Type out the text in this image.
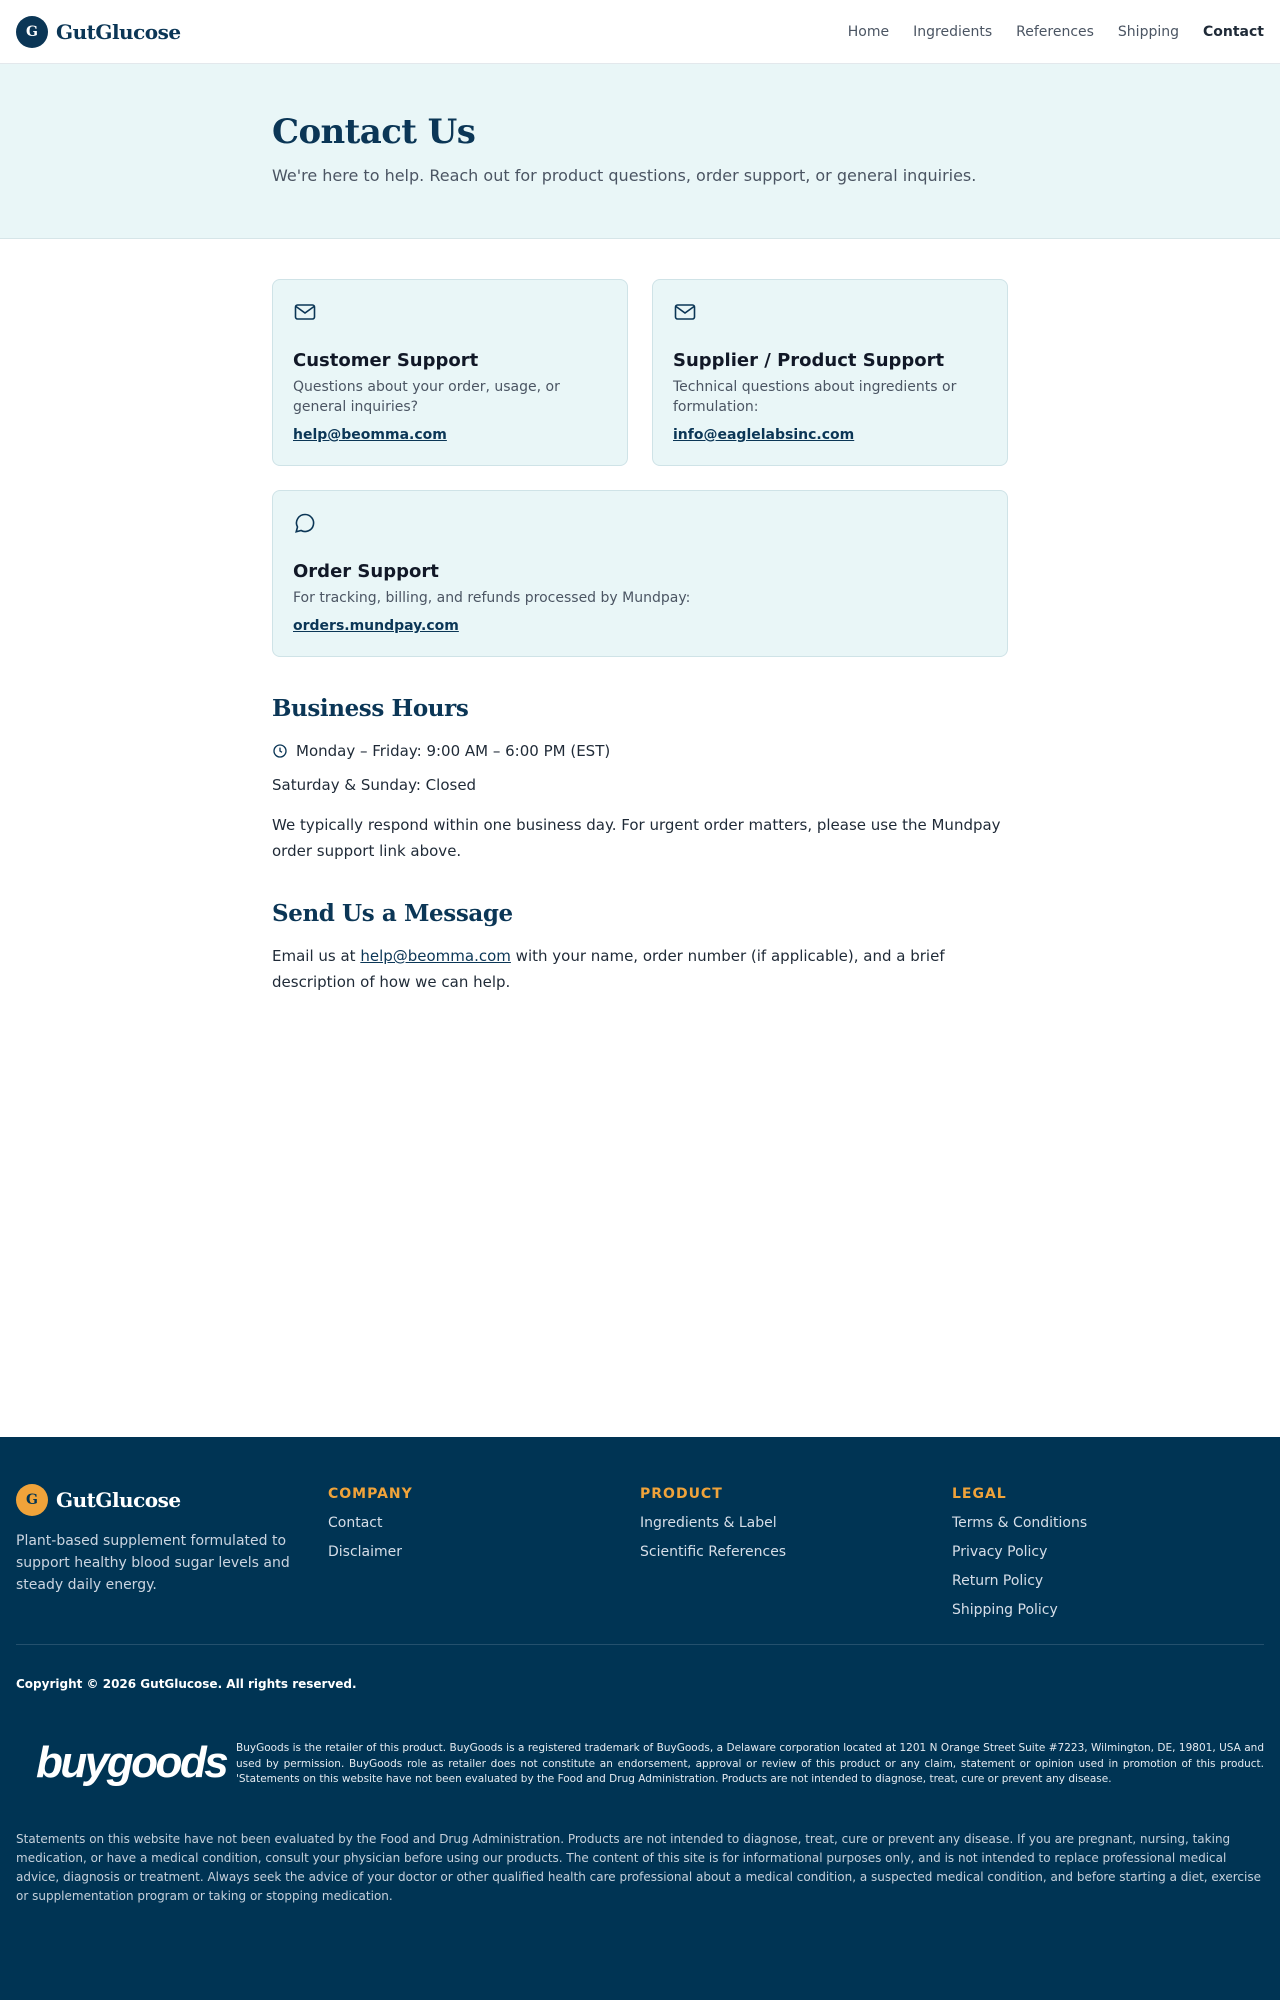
G GutGlucose	Home Ingredients References Shipping Contact
Contact Us

We're here to help. Reach out for product questions, order support, or general inquiries.

Customer Support

Questions about your order, usage, or general inquiries?

help@beomma.com
Supplier / Product Support

Technical questions about ingredients or formulation:

info@eaglelabsinc.com
Order Support

For tracking, billing, and refunds processed by Mundpay:

orders.mundpay.com
Business Hours
Monday – Friday: 9:00 AM – 6:00 PM (EST)

Saturday & Sunday: Closed

We typically respond within one business day. For urgent order matters, please use the Mundpay order support link above.

Send Us a Message

Email us at help@beomma.com with your name, order number (if applicable), and a brief description of how we can help.

G GutGlucose

Plant-based supplement formulated to support healthy blood sugar levels and steady daily energy.

COMPANY
Contact
Disclaimer
PRODUCT
Ingredients & Label
Scientific References
LEGAL
Terms & Conditions
Privacy Policy
Return Policy
Shipping Policy

Copyright © 2026 GutGlucose. All rights reserved.

buygoods BuyGoods is the retailer of this product. BuyGoods is a registered trademark of BuyGoods, a Delaware corporation located at 1201 N Orange Street Suite #7223, Wilmington, DE, 19801, USA and used by permission. BuyGoods role as retailer does not constitute an endorsement, approval or review of this product or any claim, statement or opinion used in promotion of this product. 'Statements on this website have not been evaluated by the Food and Drug Administration. Products are not intended to diagnose, treat, cure or prevent any disease.

Statements on this website have not been evaluated by the Food and Drug Administration. Products are not intended to diagnose, treat, cure or prevent any disease. If you are pregnant, nursing, taking medication, or have a medical condition, consult your physician before using our products. The content of this site is for informational purposes only, and is not intended to replace professional medical advice, diagnosis or treatment. Always seek the advice of your doctor or other qualified health care professional about a medical condition, a suspected medical condition, and before starting a diet, exercise or supplementation program or taking or stopping medication.
